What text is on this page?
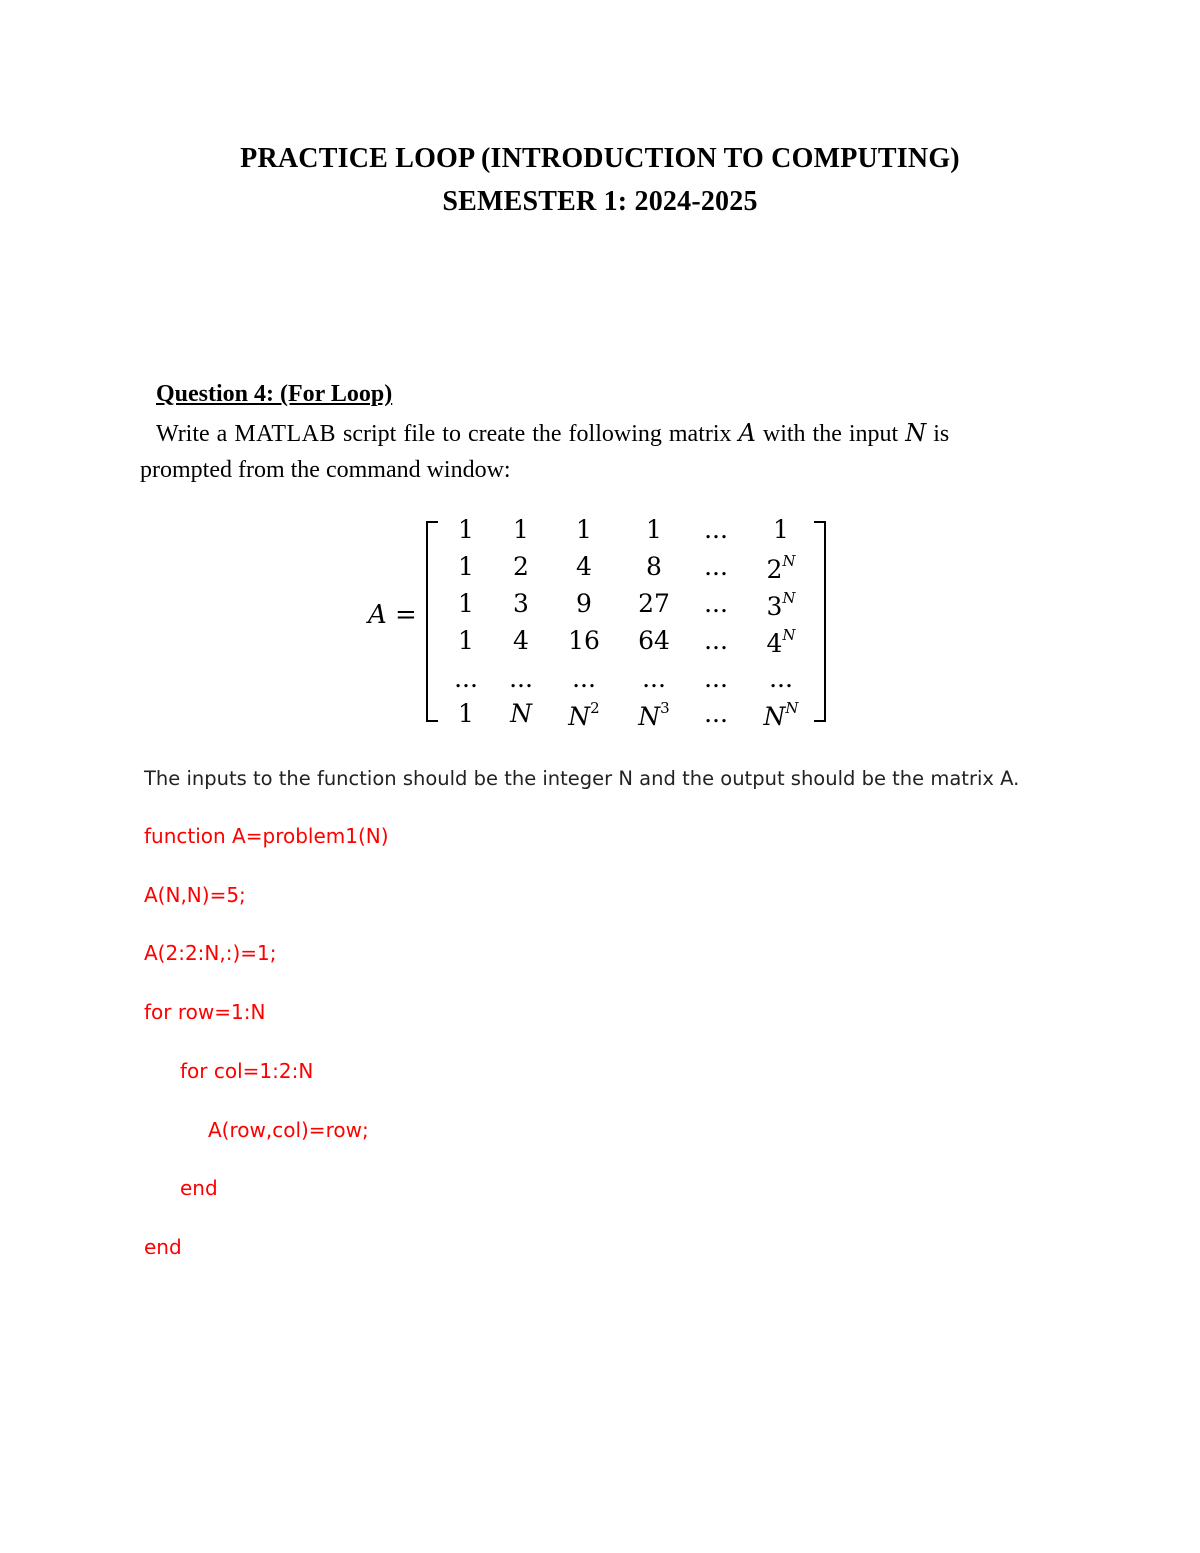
PRACTICE LOOP (INTRODUCTION TO COMPUTING)
SEMESTER 1: 2024-2025
Question 4: (For Loop)
Write a MATLAB script file to create the following matrix A with the input N is
prompted from the command window:
A =
1 1 1 1 ... 1
1 2 4 8 ... $2^N$
1 3 9 27 ... $3^N$
1 4 16 64 ... $4^N$
... ... ... ... ... ...
1 N $N^2$ $N^3$ ... $N^N$
The inputs to the function should be the integer N and the output should be the matrix A.
function A=problem1(N)
A(N,N)=5;
A(2:2:N,:)=1;
for row=1:N
for col=1:2:N
A(row,col)=row;
end
end
